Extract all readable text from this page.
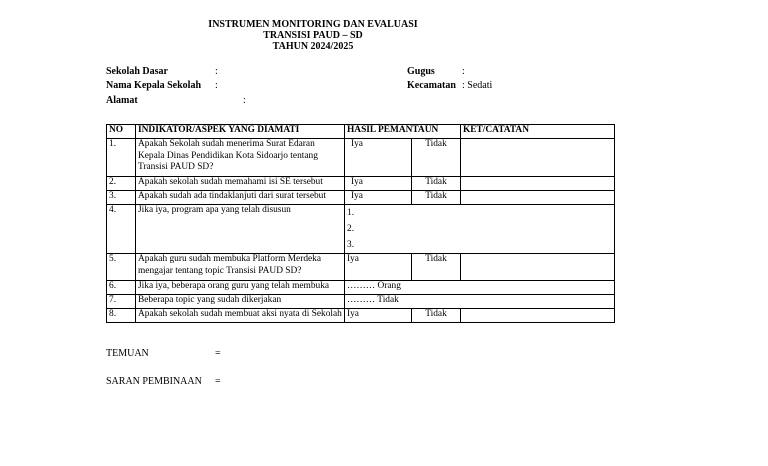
INSTRUMEN MONITORING DAN EVALUASI
TRANSISI PAUD – SD
TAHUN 2024/2025
Sekolah Dasar	:
Nama Kepala Sekolah :
Alamat	:
Gugus	:
Kecamatan : Sedati
NO	INDIKATOR/ASPEK YANG DIAMATI	HASIL PEMANTAUN		KET/CATATAN
1.	Apakah Sekolah sudah menerima Surat Edaran Kepala Dinas Pendidikan Kota Sidoarjo tentang Transisi PAUD SD?	Iya	Tidak	
2.	Apakah sekolah sudah memahami isi SE tersebut	Iya	Tidak	
3.	Apakah sudah ada tindaklanjuti dari surat tersebut	Iya	Tidak	
4.	Jika iya, program apa yang telah disusun	1.
2.
3.		

5.	Apakah guru sudah membuka Platform Merdeka mengajar tentang topic Transisi PAUD SD?	Iya	Tidak	
6.	Jika iya, beberapa orang guru yang telah membuka	……… Orang		
7.	Beberapa topic yang sudah dikerjakan	……… Tidak		
8.	Apakah sekolah sudah membuat aksi nyata di Sekolah	Iya	Tidak	
TEMUAN	=
SARAN PEMBINAAN =
